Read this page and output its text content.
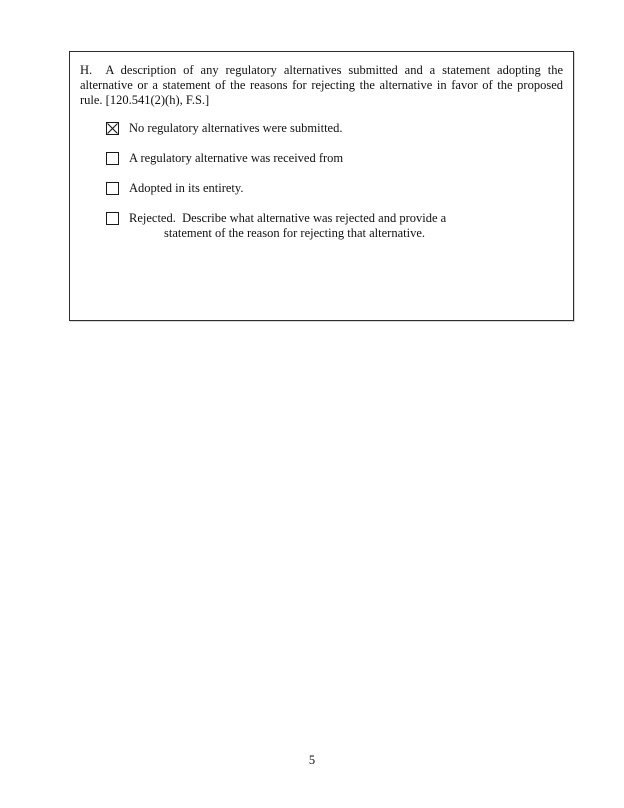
H.  A description of any regulatory alternatives submitted and a statement adopting the alternative or a statement of the reasons for rejecting the alternative in favor of the proposed rule. [120.541(2)(h), F.S.]

No regulatory alternatives were submitted.
A regulatory alternative was received from
Adopted in its entirety.
Rejected.  Describe what alternative was rejected and provide a
statement of the reason for rejecting that alternative.
5
